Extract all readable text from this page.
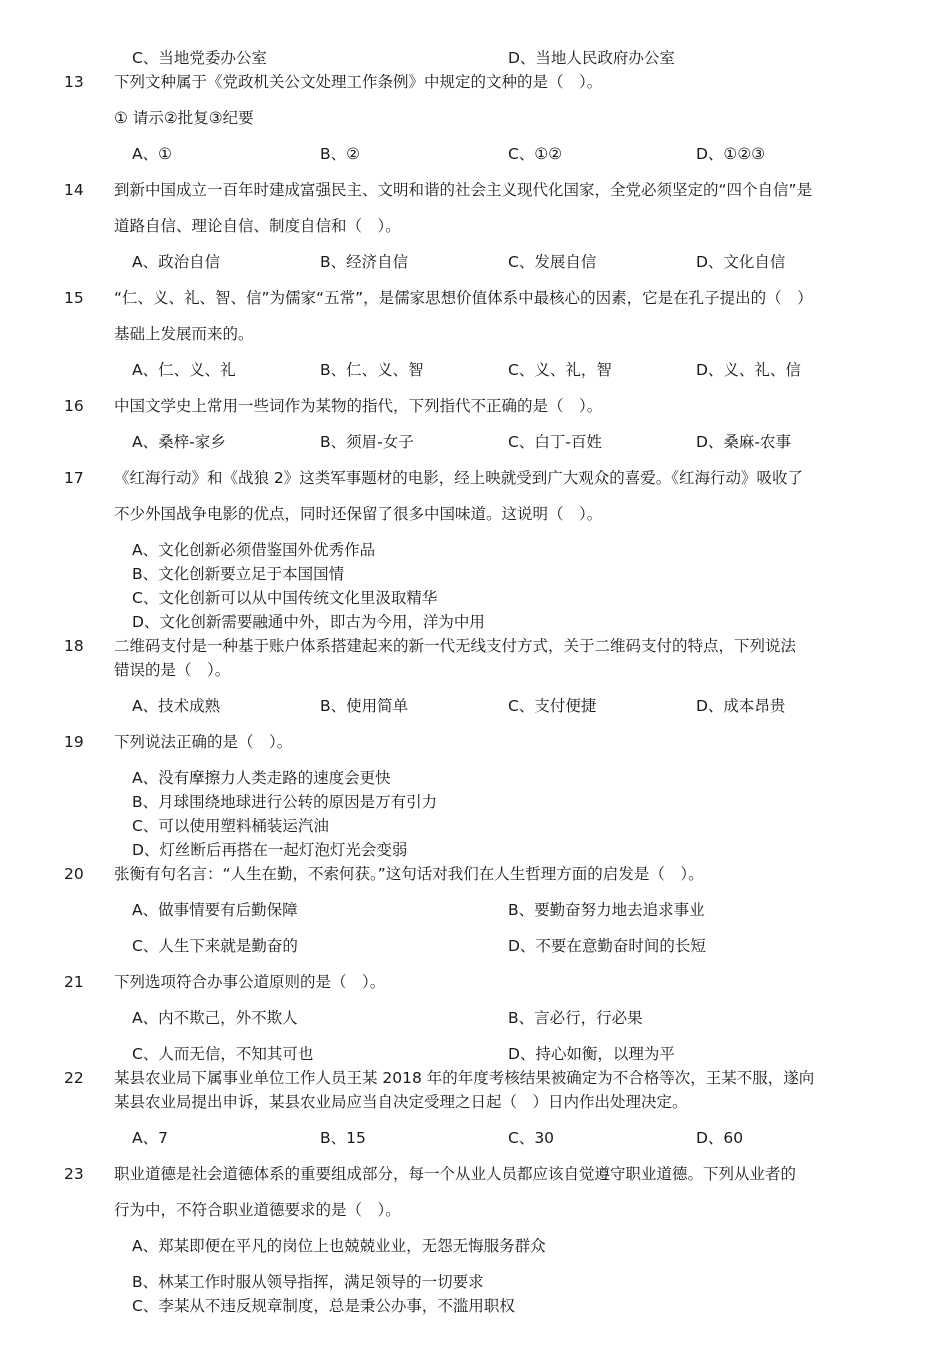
C、当地党委办公室	D、当地人民政府办公室
13 下列文种属于《党政机关公文处理工作条例》中规定的文种的是（　）。
① 请示②批复③纪要
A、①	B、②	C、①②	D、①②③
14 到新中国成立一百年时建成富强民主、文明和谐的社会主义现代化国家，全党必须坚定的“四个自信”是
道路自信、理论自信、制度自信和（　）。
A、政治自信	B、经济自信	C、发展自信	D、文化自信
15 “仁、义、礼、智、信”为儒家“五常”，是儒家思想价值体系中最核心的因素，它是在孔子提出的（　）
基础上发展而来的。
A、仁、义、礼	B、仁、义、智	C、义、礼，智	D、义、礼、信
16 中国文学史上常用一些词作为某物的指代，下列指代不正确的是（　）。
A、桑梓-家乡	B、须眉-女子	C、白丁-百姓	D、桑麻-农事
17 《红海行动》和《战狼 2》这类军事题材的电影，经上映就受到广大观众的喜爱。《红海行动》吸收了
不少外国战争电影的优点，同时还保留了很多中国味道。这说明（　）。
A、文化创新必须借鉴国外优秀作品
B、文化创新要立足于本国国情
C、文化创新可以从中国传统文化里汲取精华
D、文化创新需要融通中外，即古为今用，洋为中用
18 二维码支付是一种基于账户体系搭建起来的新一代无线支付方式，关于二维码支付的特点，下列说法
错误的是（　）。
A、技术成熟	B、使用简单	C、支付便捷	D、成本昂贵
19 下列说法正确的是（　）。
A、没有摩擦力人类走路的速度会更快
B、月球围绕地球进行公转的原因是万有引力
C、可以使用塑料桶装运汽油
D、灯丝断后再搭在一起灯泡灯光会变弱
20 张衡有句名言：“人生在勤，不索何获。”这句话对我们在人生哲理方面的启发是（　）。
A、做事情要有后勤保障	B、要勤奋努力地去追求事业
C、人生下来就是勤奋的	D、不要在意勤奋时间的长短
21 下列选项符合办事公道原则的是（　）。
A、内不欺己，外不欺人	B、言必行，行必果
C、人而无信，不知其可也	D、持心如衡，以理为平
22 某县农业局下属事业单位工作人员王某 2018 年的年度考核结果被确定为不合格等次，王某不服，遂向
某县农业局提出申诉，某县农业局应当自决定受理之日起（　）日内作出处理决定。
A、7	B、15	C、30	D、60
23 职业道德是社会道德体系的重要组成部分，每一个从业人员都应该自觉遵守职业道德。下列从业者的
行为中，不符合职业道德要求的是（　）。
A、郑某即便在平凡的岗位上也兢兢业业，无怨无悔服务群众
B、林某工作时服从领导指挥，满足领导的一切要求
C、李某从不违反规章制度，总是秉公办事，不滥用职权
